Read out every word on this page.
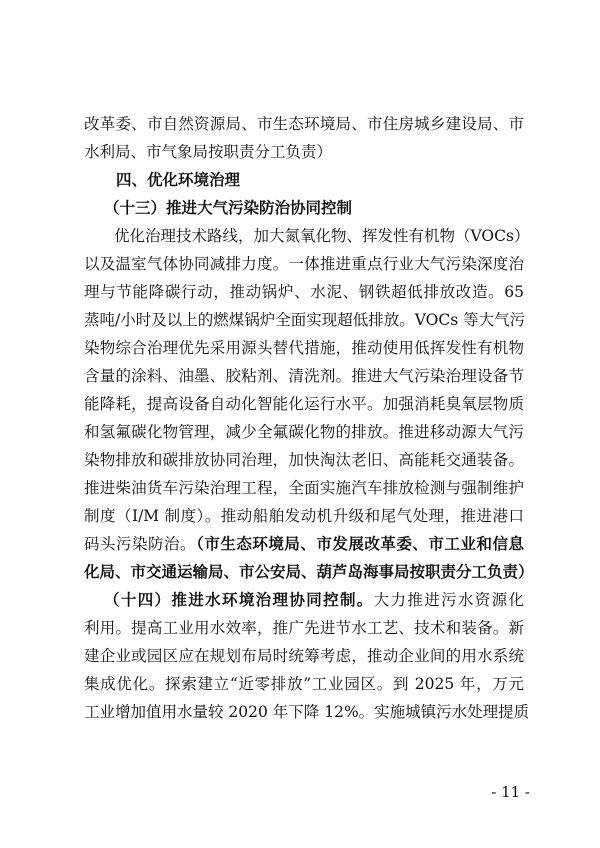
改革委、市自然资源局、市生态环境局、市住房城乡建设局、市
水利局、市气象局按职责分工负责）
四、优化环境治理
（十三）推进大气污染防治协同控制
优化治理技术路线，加大氮氧化物、挥发性有机物（VOCs）
以及温室气体协同减排力度。一体推进重点行业大气污染深度治
理与节能降碳行动，推动锅炉、水泥、钢铁超低排放改造。65
蒸吨/小时及以上的燃煤锅炉全面实现超低排放。VOCs 等大气污
染物综合治理优先采用源头替代措施，推动使用低挥发性有机物
含量的涂料、油墨、胶粘剂、清洗剂。推进大气污染治理设备节
能降耗，提高设备自动化智能化运行水平。加强消耗臭氧层物质
和氢氟碳化物管理，减少全氟碳化物的排放。推进移动源大气污
染物排放和碳排放协同治理，加快淘汰老旧、高能耗交通装备。
推进柴油货车污染治理工程，全面实施汽车排放检测与强制维护
制度（I/M 制度）。推动船舶发动机升级和尾气处理，推进港口
码头污染防治。（市生态环境局、市发展改革委、市工业和信息
化局、市交通运输局、市公安局、葫芦岛海事局按职责分工负责）
（十四）推进水环境治理协同控制。大力推进污水资源化
利用。提高工业用水效率，推广先进节水工艺、技术和装备。新
建企业或园区应在规划布局时统筹考虑，推动企业间的用水系统
集成优化。探索建立“近零排放”工业园区。到 2025 年，万元
工业增加值用水量较 2020 年下降 12%。实施城镇污水处理提质
- 11 -
